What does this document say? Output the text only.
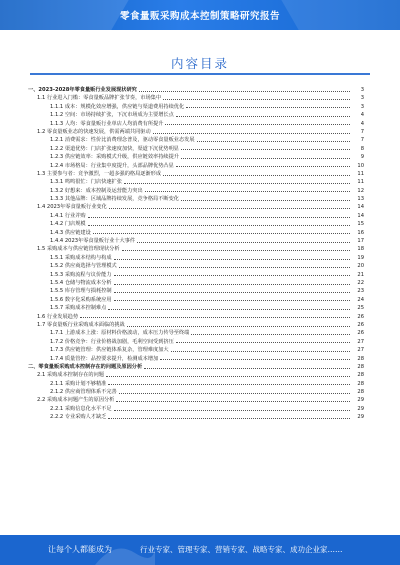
零食量贩采购成本控制策略研究报告
内容目录
一、2023-2028年零食量贩行业发展现状研究	3
1.1 行业进入门槛：零食量贩品牌扩张节奏，市场集中	3
1.1.1 成本：规模化效应增强，供应链与渠道费用持续优化	3
1.1.2 空间：市场持续扩张，下沉市场成为主要增长点	4
1.1.3 人均：零食量贩行业单店人均消费有所提升	4
1.2 零食量贩业态的快速发展，供需两端共同驱动	7
1.2.1 消费需求：性价比消费理念普及，驱动零食量贩业态发展	7
1.2.2 渠道优势：门店扩张速度加快，渠道下沉优势明显	8
1.2.3 供应链效率：采购模式升级，供应链效率持续提升	9
1.2.4 市场格局：行业集中度提升，头部品牌优势凸显	10
1.3 主要参与者：竞争激烈，一超多强的格局逐渐形成	11
1.3.1 鸣鸣很忙：门店快速扩张	11
1.3.2 好想来：成本控制及运营能力突出	12
1.3.3 其他品牌：区域品牌持续发展，竞争格局不断变化	13
1.4 2023年零食量贩行业变化	14
1.4.1 行业并购	14
1.4.2 门店规模	15
1.4.3 供应链建设	16
1.4.4 2023年零食量贩行业十大事件	17
1.5 采购成本与供应链管理现状分析	18
1.5.1 采购成本结构与构成	19
1.5.2 供应商选择与管理模式	20
1.5.3 采购流程与议价能力	21
1.5.4 仓储与物流成本分析	22
1.5.5 库存管理与损耗控制	23
1.5.6 数字化采购系统应用	24
1.5.7 采购成本控制难点	25
1.6 行业发展趋势	26
1.7 零食量贩行业采购成本面临的挑战	26
1.7.1 上游成本上涨：原材料价格波动，成本压力传导至终端	26
1.7.2 价格竞争：行业价格战加剧，毛利空间受到挤压	27
1.7.3 供应链管理：供应链体系复杂，管理难度加大	27
1.7.4 质量管控：品控要求提升，检测成本增加	28
二、零食量贩采购成本控制存在的问题及原因分析	28
2.1 采购成本控制存在的问题	28
2.1.1 采购计划不够精准	28
2.1.2 供应商管理体系不完善	28
2.2 采购成本问题产生的原因分析	29
2.2.1 采购信息化水平不足	29
2.2.2 专业采购人才缺乏	29
让每个人都能成为	行业专家、管理专家、营销专家、战略专家、成功企业家……
